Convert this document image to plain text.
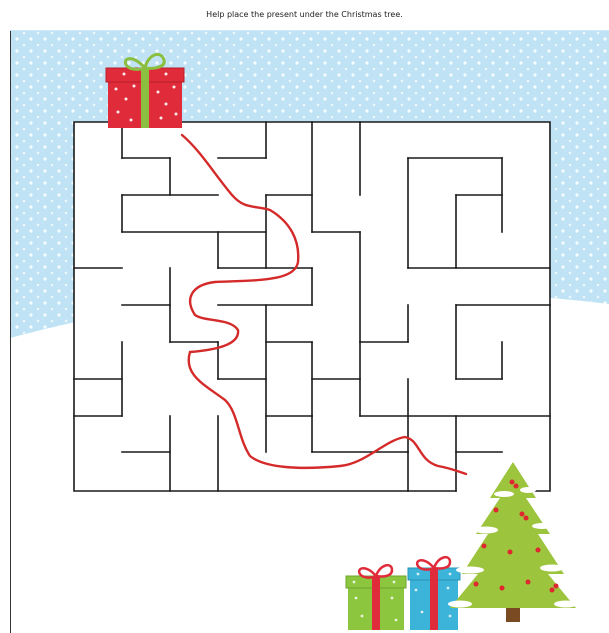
Help place the present under the Christmas tree.
